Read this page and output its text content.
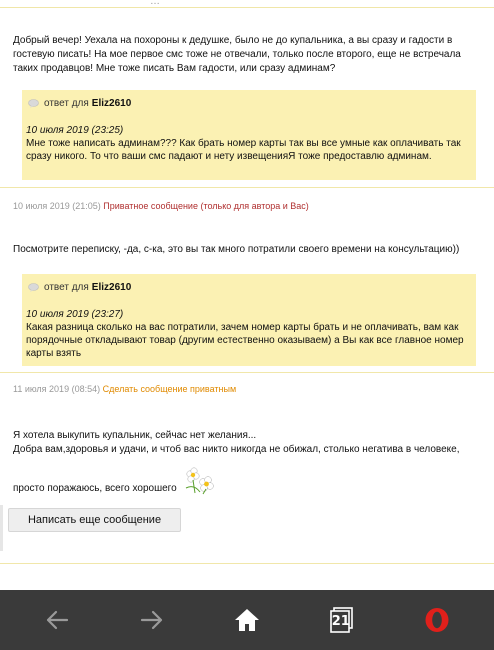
…
Добрый вечер! Уехала на похороны к дедушке, было не до купальника, а вы сразу и гадости в гостевую писать! На мое первое смс тоже не отвечали, только после второго, еще не встречала таких продавцов! Мне тоже писать Вам гадости, или сразу админам?
ответ для Eliz2610
10 июля 2019 (23:25)
Мне тоже написать админам??? Как брать номер карты так вы все умные как оплачивать так сразу никого. То что ваши смс падают и нету извещенияЯ тоже предоставлю админам.
10 июля 2019 (21:05) Приватное сообщение (только для автора и Вас)
Посмотрите переписку, -да, с-ка, это вы так много потратили своего времени на консультацию))
ответ для Eliz2610
10 июля 2019 (23:27)
Какая разница сколько на вас потратили, зачем номер карты брать и не оплачивать, вам как порядочные откладывают товар (другим естественно оказываем) а Вы как все главное номер карты взять
11 июля 2019 (08:54) Сделать сообщение приватным
Я хотела выкупить купальник, сейчас нет желания...
Добра вам,здоровья и удачи, и чтоб вас никто никогда не обижал, столько негатива в человеке,
просто поражаюсь, всего хорошего
Написать еще сообщение
21
